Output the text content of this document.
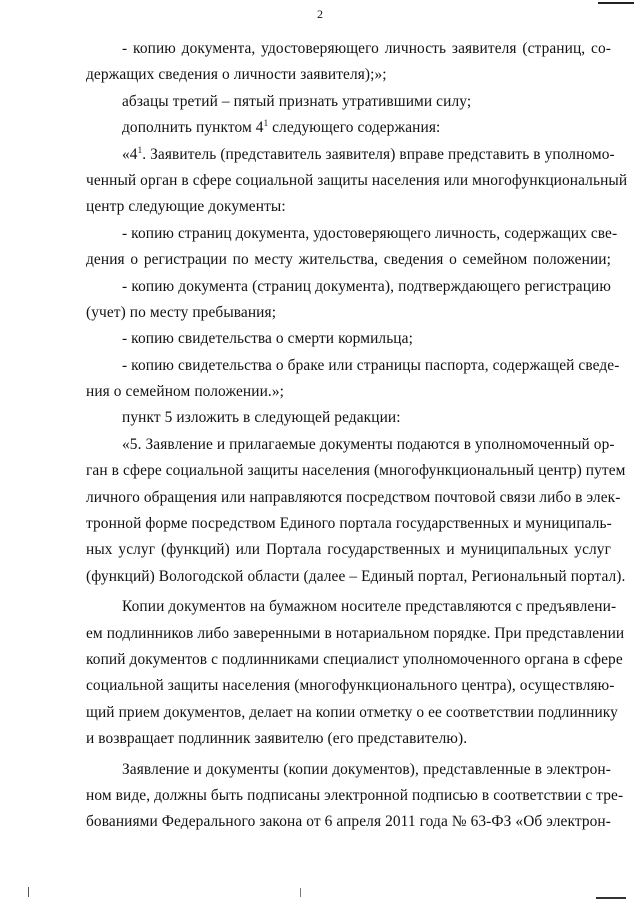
2
- копию документа, удостоверяющего личность заявителя (страниц, со-
держащих сведения о личности заявителя);»;
абзацы третий – пятый признать утратившими силу;
дополнить пунктом $4^1$ следующего содержания:
«$4^1$. Заявитель (представитель заявителя) вправе представить в уполномо-
ченный орган в сфере социальной защиты населения или многофункциональный
центр следующие документы:
- копию страниц документа, удостоверяющего личность, содержащих све-
дения о регистрации по месту жительства, сведения о семейном положении;
- копию документа (страниц документа), подтверждающего регистрацию
(учет) по месту пребывания;
- копию свидетельства о смерти кормильца;
- копию свидетельства о браке или страницы паспорта, содержащей сведе-
ния о семейном положении.»;
пункт 5 изложить в следующей редакции:
«5. Заявление и прилагаемые документы подаются в уполномоченный ор-
ган в сфере социальной защиты населения (многофункциональный центр) путем
личного обращения или направляются посредством почтовой связи либо в элек-
тронной форме посредством Единого портала государственных и муниципаль-
ных услуг (функций) или Портала государственных и муниципальных услуг
(функций) Вологодской области (далее – Единый портал, Региональный портал).
Копии документов на бумажном носителе представляются с предъявлени-
ем подлинников либо заверенными в нотариальном порядке. При представлении
копий документов с подлинниками специалист уполномоченного органа в сфере
социальной защиты населения (многофункционального центра), осуществляю-
щий прием документов, делает на копии отметку о ее соответствии подлиннику
и возвращает подлинник заявителю (его представителю).
Заявление и документы (копии документов), представленные в электрон-
ном виде, должны быть подписаны электронной подписью в соответствии с тре-
бованиями Федерального закона от 6 апреля 2011 года № 63-ФЗ «Об электрон-
